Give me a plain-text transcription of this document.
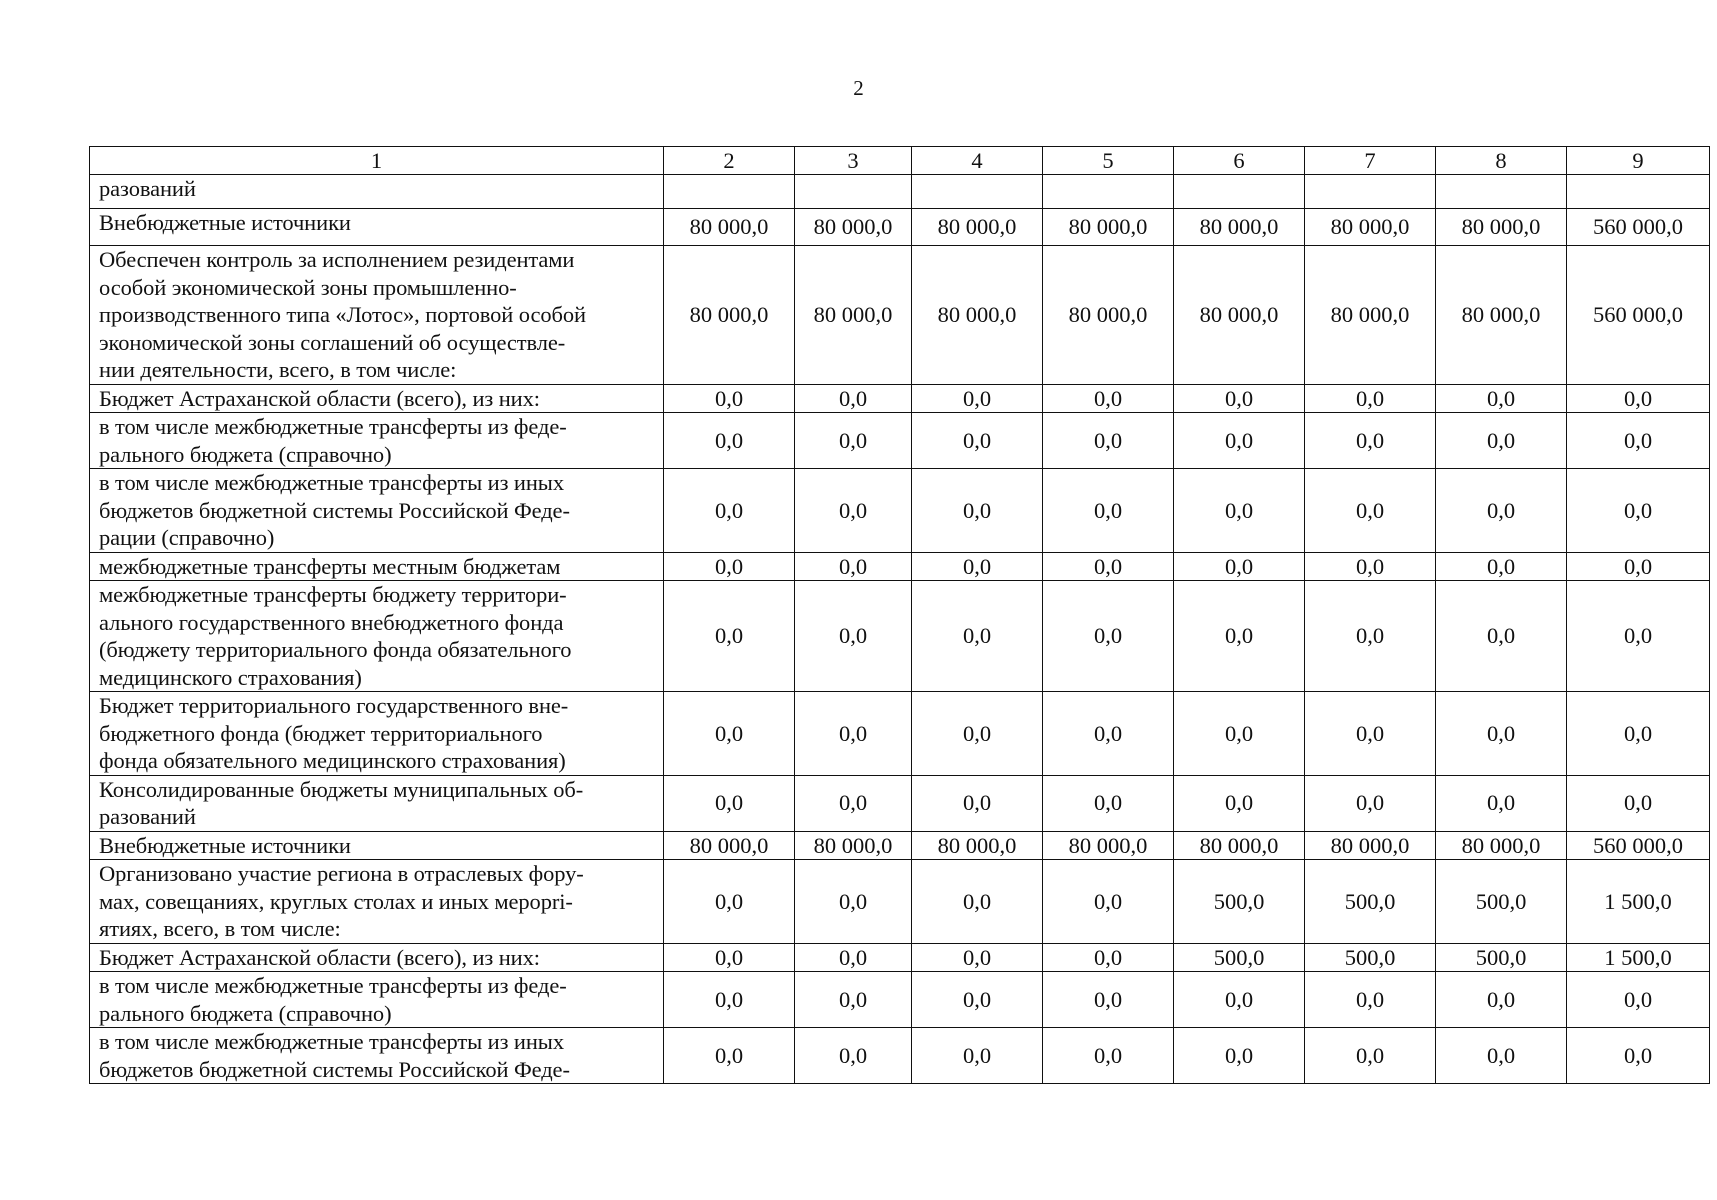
2
1	2	3	4	5	6	7	8	9

разований								

Внебюджетные источники	80 000,0	80 000,0	80 000,0	80 000,0	80 000,0	80 000,0	80 000,0	560 000,0

Обеспечен контроль за исполнением резидентами
особой экономической зоны промышленно-
производственного типа «Лотос», портовой особой
экономической зоны соглашений об осуществле-
нии деятельности, всего, в том числе:	80 000,0	80 000,0	80 000,0	80 000,0	80 000,0	80 000,0	80 000,0	560 000,0

Бюджет Астраханской области (всего), из них:	0,0	0,0	0,0	0,0	0,0	0,0	0,0	0,0

в том числе межбюджетные трансферты из феде-
рального бюджета (справочно)	0,0	0,0	0,0	0,0	0,0	0,0	0,0	0,0

в том числе межбюджетные трансферты из иных
бюджетов бюджетной системы Российской Феде-
рации (справочно)	0,0	0,0	0,0	0,0	0,0	0,0	0,0	0,0

межбюджетные трансферты местным бюджетам	0,0	0,0	0,0	0,0	0,0	0,0	0,0	0,0

межбюджетные трансферты бюджету территори-
ального государственного внебюджетного фонда
(бюджету территориального фонда обязательного
медицинского страхования)	0,0	0,0	0,0	0,0	0,0	0,0	0,0	0,0

Бюджет территориального государственного вне-
бюджетного фонда (бюджет территориального
фонда обязательного медицинского страхования)	0,0	0,0	0,0	0,0	0,0	0,0	0,0	0,0

Консолидированные бюджеты муниципальных об-
разований	0,0	0,0	0,0	0,0	0,0	0,0	0,0	0,0

Внебюджетные источники	80 000,0	80 000,0	80 000,0	80 000,0	80 000,0	80 000,0	80 000,0	560 000,0

Организовано участие региона в отраслевых фору-
мах, совещаниях, круглых столах и иных мероpri-
ятиях, всего, в том числе:	0,0	0,0	0,0	0,0	500,0	500,0	500,0	1 500,0

Бюджет Астраханской области (всего), из них:	0,0	0,0	0,0	0,0	500,0	500,0	500,0	1 500,0

в том числе межбюджетные трансферты из феде-
рального бюджета (справочно)	0,0	0,0	0,0	0,0	0,0	0,0	0,0	0,0

в том числе межбюджетные трансферты из иных
бюджетов бюджетной системы Российской Феде-	0,0	0,0	0,0	0,0	0,0	0,0	0,0	0,0
